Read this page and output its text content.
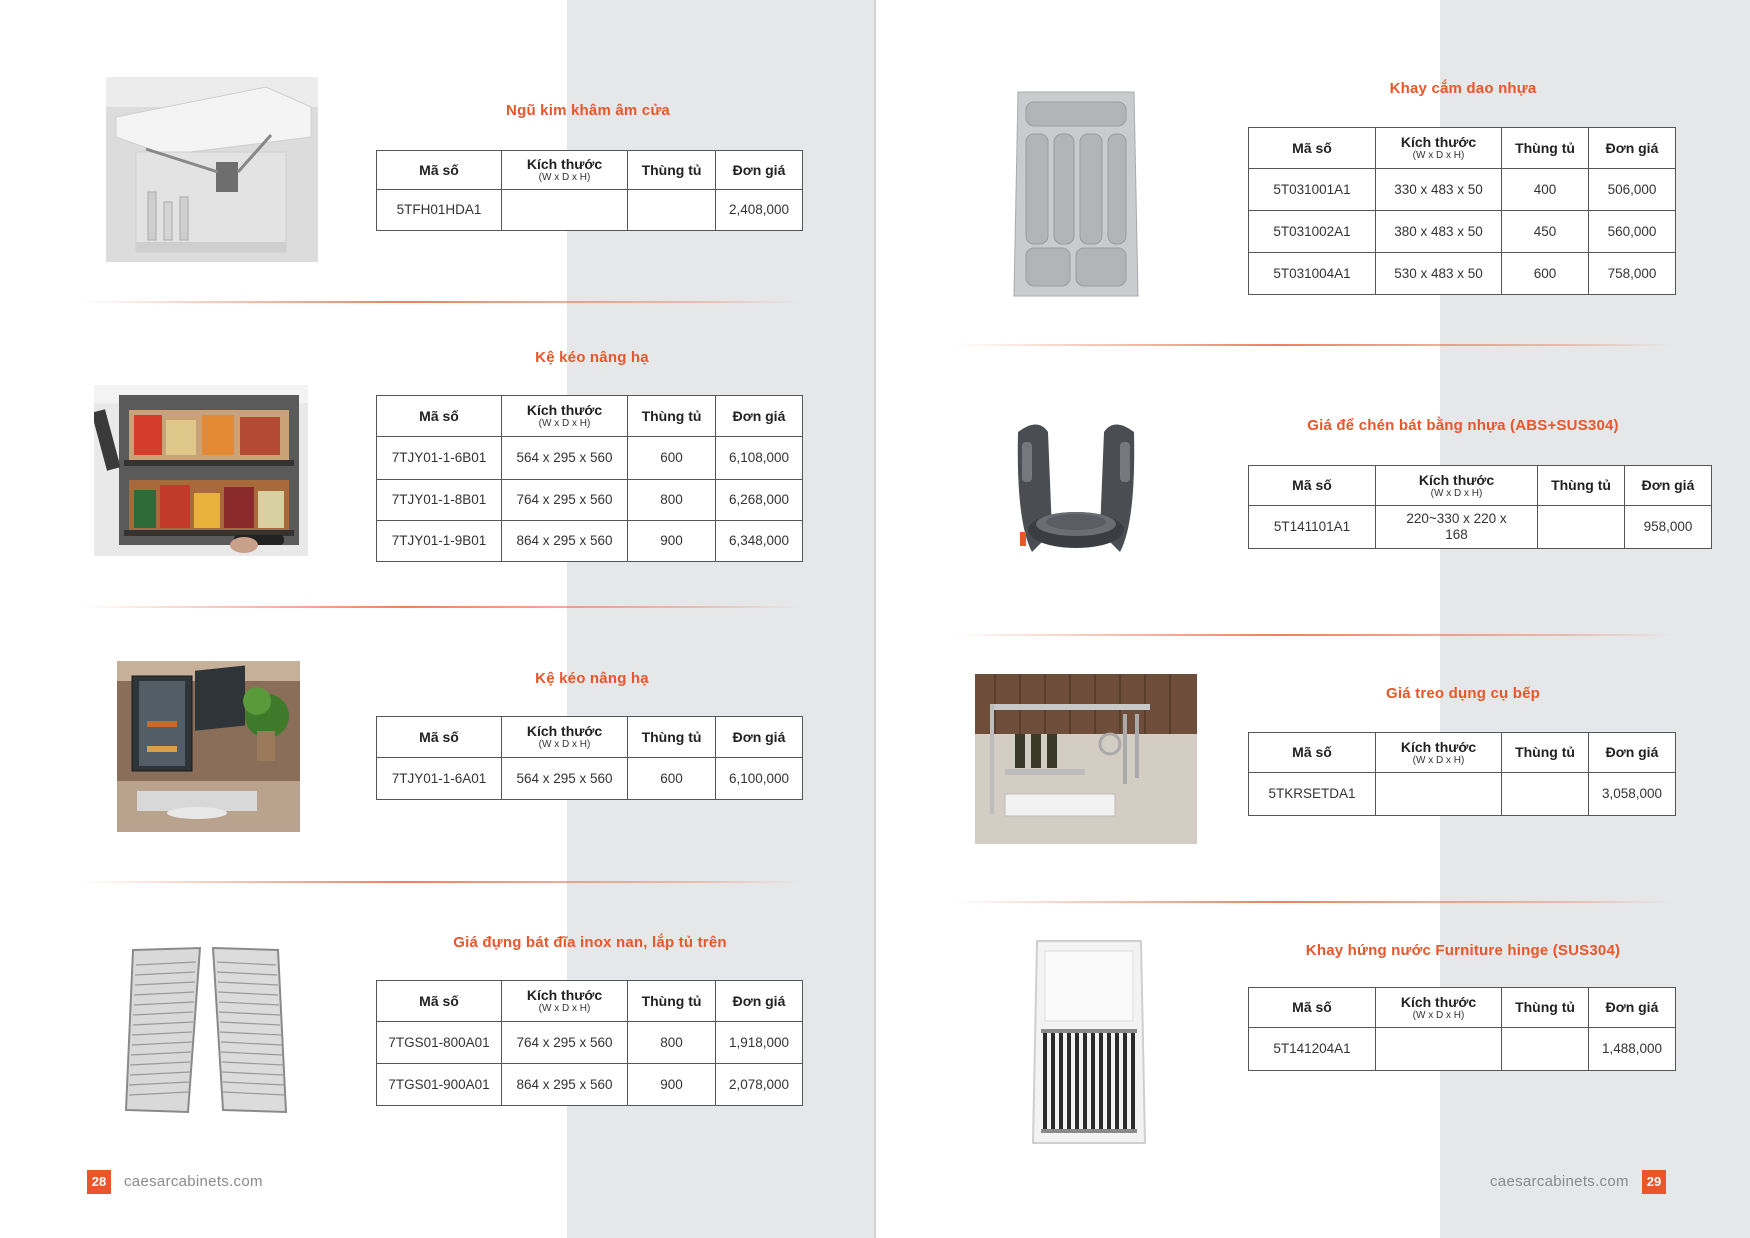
Ngũ kim khâm âm cửa
Mã số	Kích thước
(W x D x H)	Thùng tủ	Đơn giá
5TFH01HDA1			2,408,000
Kệ kéo nâng hạ
Mã số	Kích thước
(W x D x H)	Thùng tủ	Đơn giá
7TJY01-1-6B01	564 x 295 x 560	600	6,108,000
7TJY01-1-8B01	764 x 295 x 560	800	6,268,000
7TJY01-1-9B01	864 x 295 x 560	900	6,348,000
Kệ kéo nâng hạ
Mã số	Kích thước
(W x D x H)	Thùng tủ	Đơn giá
7TJY01-1-6A01	564 x 295 x 560	600	6,100,000
Giá đựng bát đĩa inox nan, lắp tủ trên
Mã số	Kích thước
(W x D x H)	Thùng tủ	Đơn giá
7TGS01-800A01	764 x 295 x 560	800	1,918,000
7TGS01-900A01	864 x 295 x 560	900	2,078,000
28	caesarcabinets.com
Khay cắm dao nhựa
Mã số	Kích thước
(W x D x H)	Thùng tủ	Đơn giá
5T031001A1	330 x 483 x 50	400	506,000
5T031002A1	380 x 483 x 50	450	560,000
5T031004A1	530 x 483 x 50	600	758,000
Giá để chén bát bằng nhựa (ABS+SUS304)
Mã số	Kích thước
(W x D x H)	Thùng tủ	Đơn giá
5T141101A1	220~330 x 220 x 168		958,000
Giá treo dụng cụ bếp
Mã số	Kích thước
(W x D x H)	Thùng tủ	Đơn giá
5TKRSETDA1			3,058,000
Khay hứng nước Furniture hinge (SUS304)
Mã số	Kích thước
(W x D x H)	Thùng tủ	Đơn giá
5T141204A1			1,488,000
caesarcabinets.com	29
